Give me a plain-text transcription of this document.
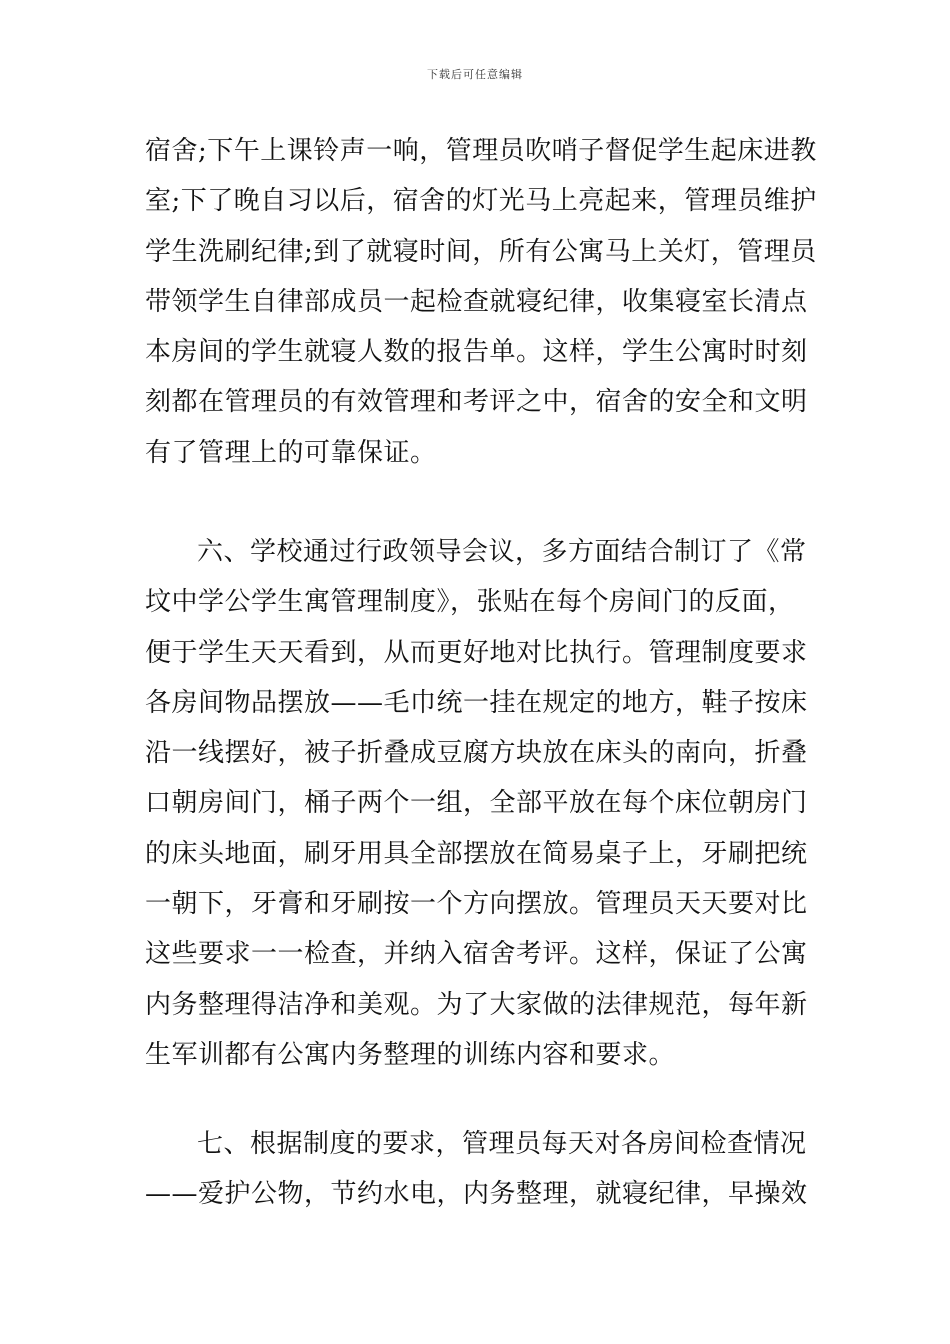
下载后可任意编辑
宿舍;下午上课铃声一响，管理员吹哨子督促学生起床进教
室;下了晚自习以后，宿舍的灯光马上亮起来，管理员维护
学生洗刷纪律;到了就寝时间，所有公寓马上关灯，管理员
带领学生自律部成员一起检查就寝纪律，收集寝室长清点
本房间的学生就寝人数的报告单。这样，学生公寓时时刻
刻都在管理员的有效管理和考评之中，宿舍的安全和文明
有了管理上的可靠保证。
六、学校通过行政领导会议，多方面结合制订了《常
坟中学公学生寓管理制度》，张贴在每个房间门的反面，
便于学生天天看到，从而更好地对比执行。管理制度要求
各房间物品摆放——毛巾统一挂在规定的地方，鞋子按床
沿一线摆好，被子折叠成豆腐方块放在床头的南向，折叠
口朝房间门，桶子两个一组，全部平放在每个床位朝房门
的床头地面，刷牙用具全部摆放在简易桌子上，牙刷把统
一朝下，牙膏和牙刷按一个方向摆放。管理员天天要对比
这些要求一一检查，并纳入宿舍考评。这样，保证了公寓
内务整理得洁净和美观。为了大家做的法律规范，每年新
生军训都有公寓内务整理的训练内容和要求。
七、根据制度的要求，管理员每天对各房间检查情况
——爱护公物，节约水电，内务整理，就寝纪律，早操效
